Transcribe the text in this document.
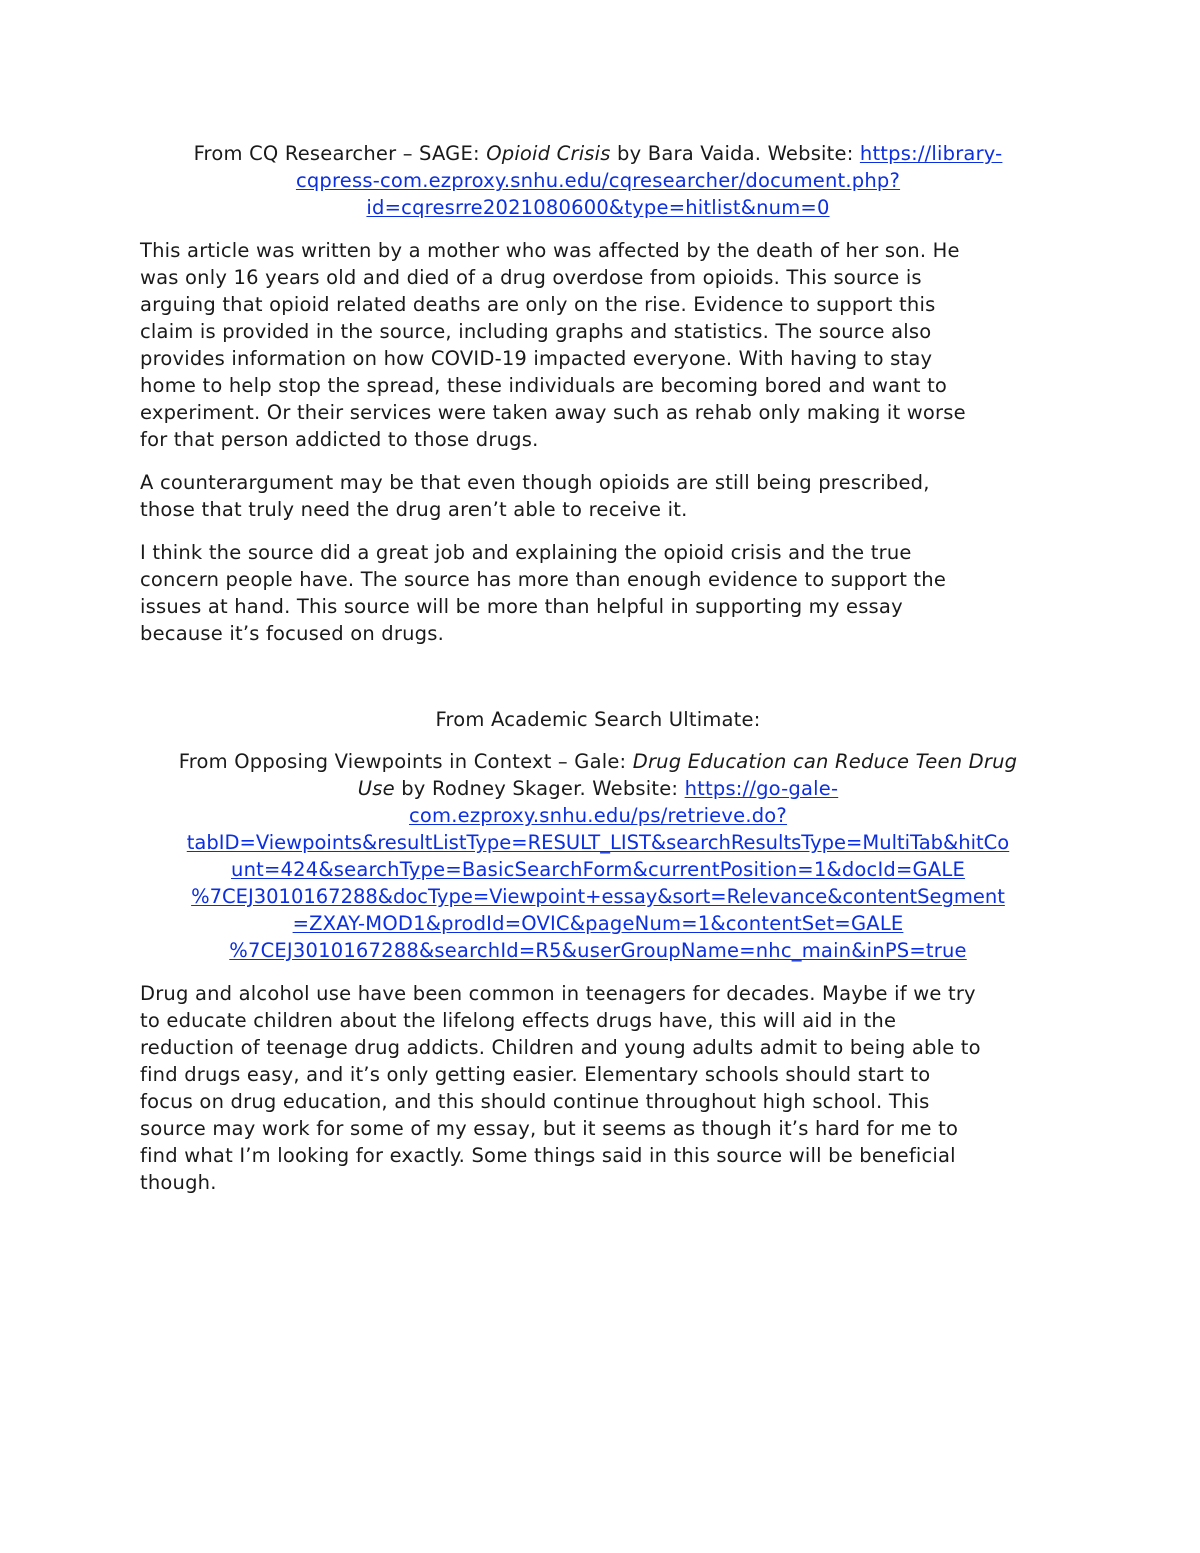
From CQ Researcher – SAGE: Opioid Crisis by Bara Vaida. Website: https://library-
cqpress-com.ezproxy.snhu.edu/cqresearcher/document.php?
id=cqresrre2021080600&type=hitlist&num=0
This article was written by a mother who was affected by the death of her son. He
was only 16 years old and died of a drug overdose from opioids. This source is
arguing that opioid related deaths are only on the rise. Evidence to support this
claim is provided in the source, including graphs and statistics. The source also
provides information on how COVID-19 impacted everyone. With having to stay
home to help stop the spread, these individuals are becoming bored and want to
experiment. Or their services were taken away such as rehab only making it worse
for that person addicted to those drugs.
A counterargument may be that even though opioids are still being prescribed,
those that truly need the drug aren’t able to receive it.
I think the source did a great job and explaining the opioid crisis and the true
concern people have. The source has more than enough evidence to support the
issues at hand. This source will be more than helpful in supporting my essay
because it’s focused on drugs.
From Academic Search Ultimate:
From Opposing Viewpoints in Context – Gale: Drug Education can Reduce Teen Drug
Use by Rodney Skager. Website: https://go-gale-
com.ezproxy.snhu.edu/ps/retrieve.do?
tabID=Viewpoints&resultListType=RESULT_LIST&searchResultsType=MultiTab&hitCo
unt=424&searchType=BasicSearchForm&currentPosition=1&docId=GALE
%7CEJ3010167288&docType=Viewpoint+essay&sort=Relevance&contentSegment
=ZXAY-MOD1&prodId=OVIC&pageNum=1&contentSet=GALE
%7CEJ3010167288&searchId=R5&userGroupName=nhc_main&inPS=true
Drug and alcohol use have been common in teenagers for decades. Maybe if we try
to educate children about the lifelong effects drugs have, this will aid in the
reduction of teenage drug addicts. Children and young adults admit to being able to
find drugs easy, and it’s only getting easier. Elementary schools should start to
focus on drug education, and this should continue throughout high school. This
source may work for some of my essay, but it seems as though it’s hard for me to
find what I’m looking for exactly. Some things said in this source will be beneficial
though.
